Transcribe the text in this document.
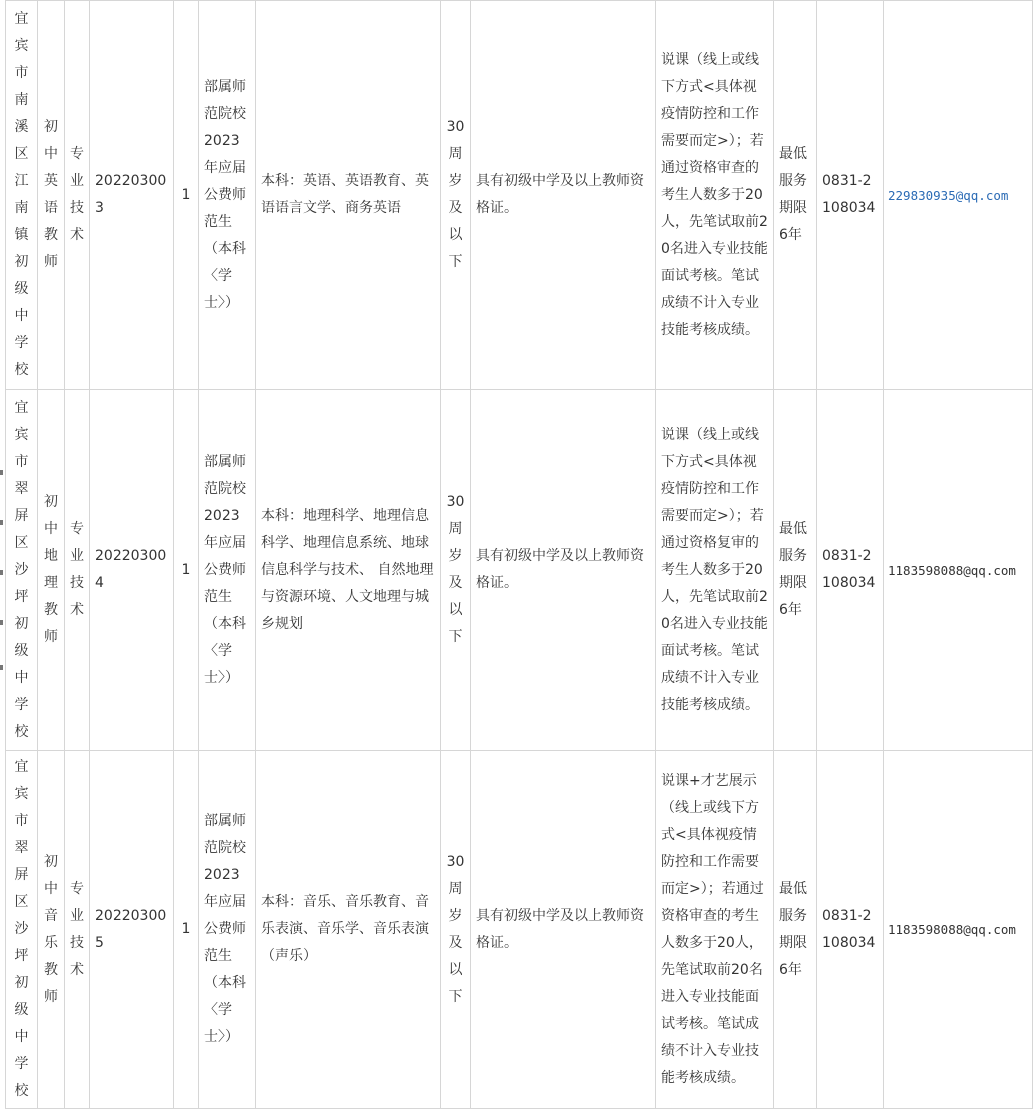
宜宾市南溪区江南镇初级中学校	初中英语教师	专业技术	202203003	1	部属师范院校2023年应届公费师范生（本科〈学士〉）	本科：英语、英语教育、英语语言文学、商务英语	30周岁及以下	具有初级中学及以上教师资格证。	说课（线上或线下方式<具体视疫情防控和工作需要而定>）；若通过资格审查的考生人数多于20人，先笔试取前20名进入专业技能面试考核。笔试成绩不计入专业技能考核成绩。	最低服务期限6年	0831-2108034	229830935@qq.com
宜宾市翠屏区沙坪初级中学校	初中地理教师	专业技术	202203004	1	部属师范院校2023年应届公费师范生（本科〈学士〉）	本科：地理科学、地理信息科学、地理信息系统、地球信息科学与技术、 自然地理与资源环境、人文地理与城乡规划	30周岁及以下	具有初级中学及以上教师资格证。	说课（线上或线下方式<具体视疫情防控和工作需要而定>）；若通过资格复审的考生人数多于20人，先笔试取前20名进入专业技能面试考核。笔试成绩不计入专业技能考核成绩。	最低服务期限6年	0831-2108034	1183598088@qq.com
宜宾市翠屏区沙坪初级中学校	初中音乐教师	专业技术	202203005	1	部属师范院校2023年应届公费师范生（本科〈学士〉）	本科：音乐、音乐教育、音乐表演、音乐学、音乐表演（声乐）	30周岁及以下	具有初级中学及以上教师资格证。	说课+才艺展示（线上或线下方式<具体视疫情防控和工作需要而定>）；若通过资格审查的考生人数多于20人，先笔试取前20名进入专业技能面试考核。笔试成绩不计入专业技能考核成绩。	最低服务期限6年	0831-2108034	1183598088@qq.com
